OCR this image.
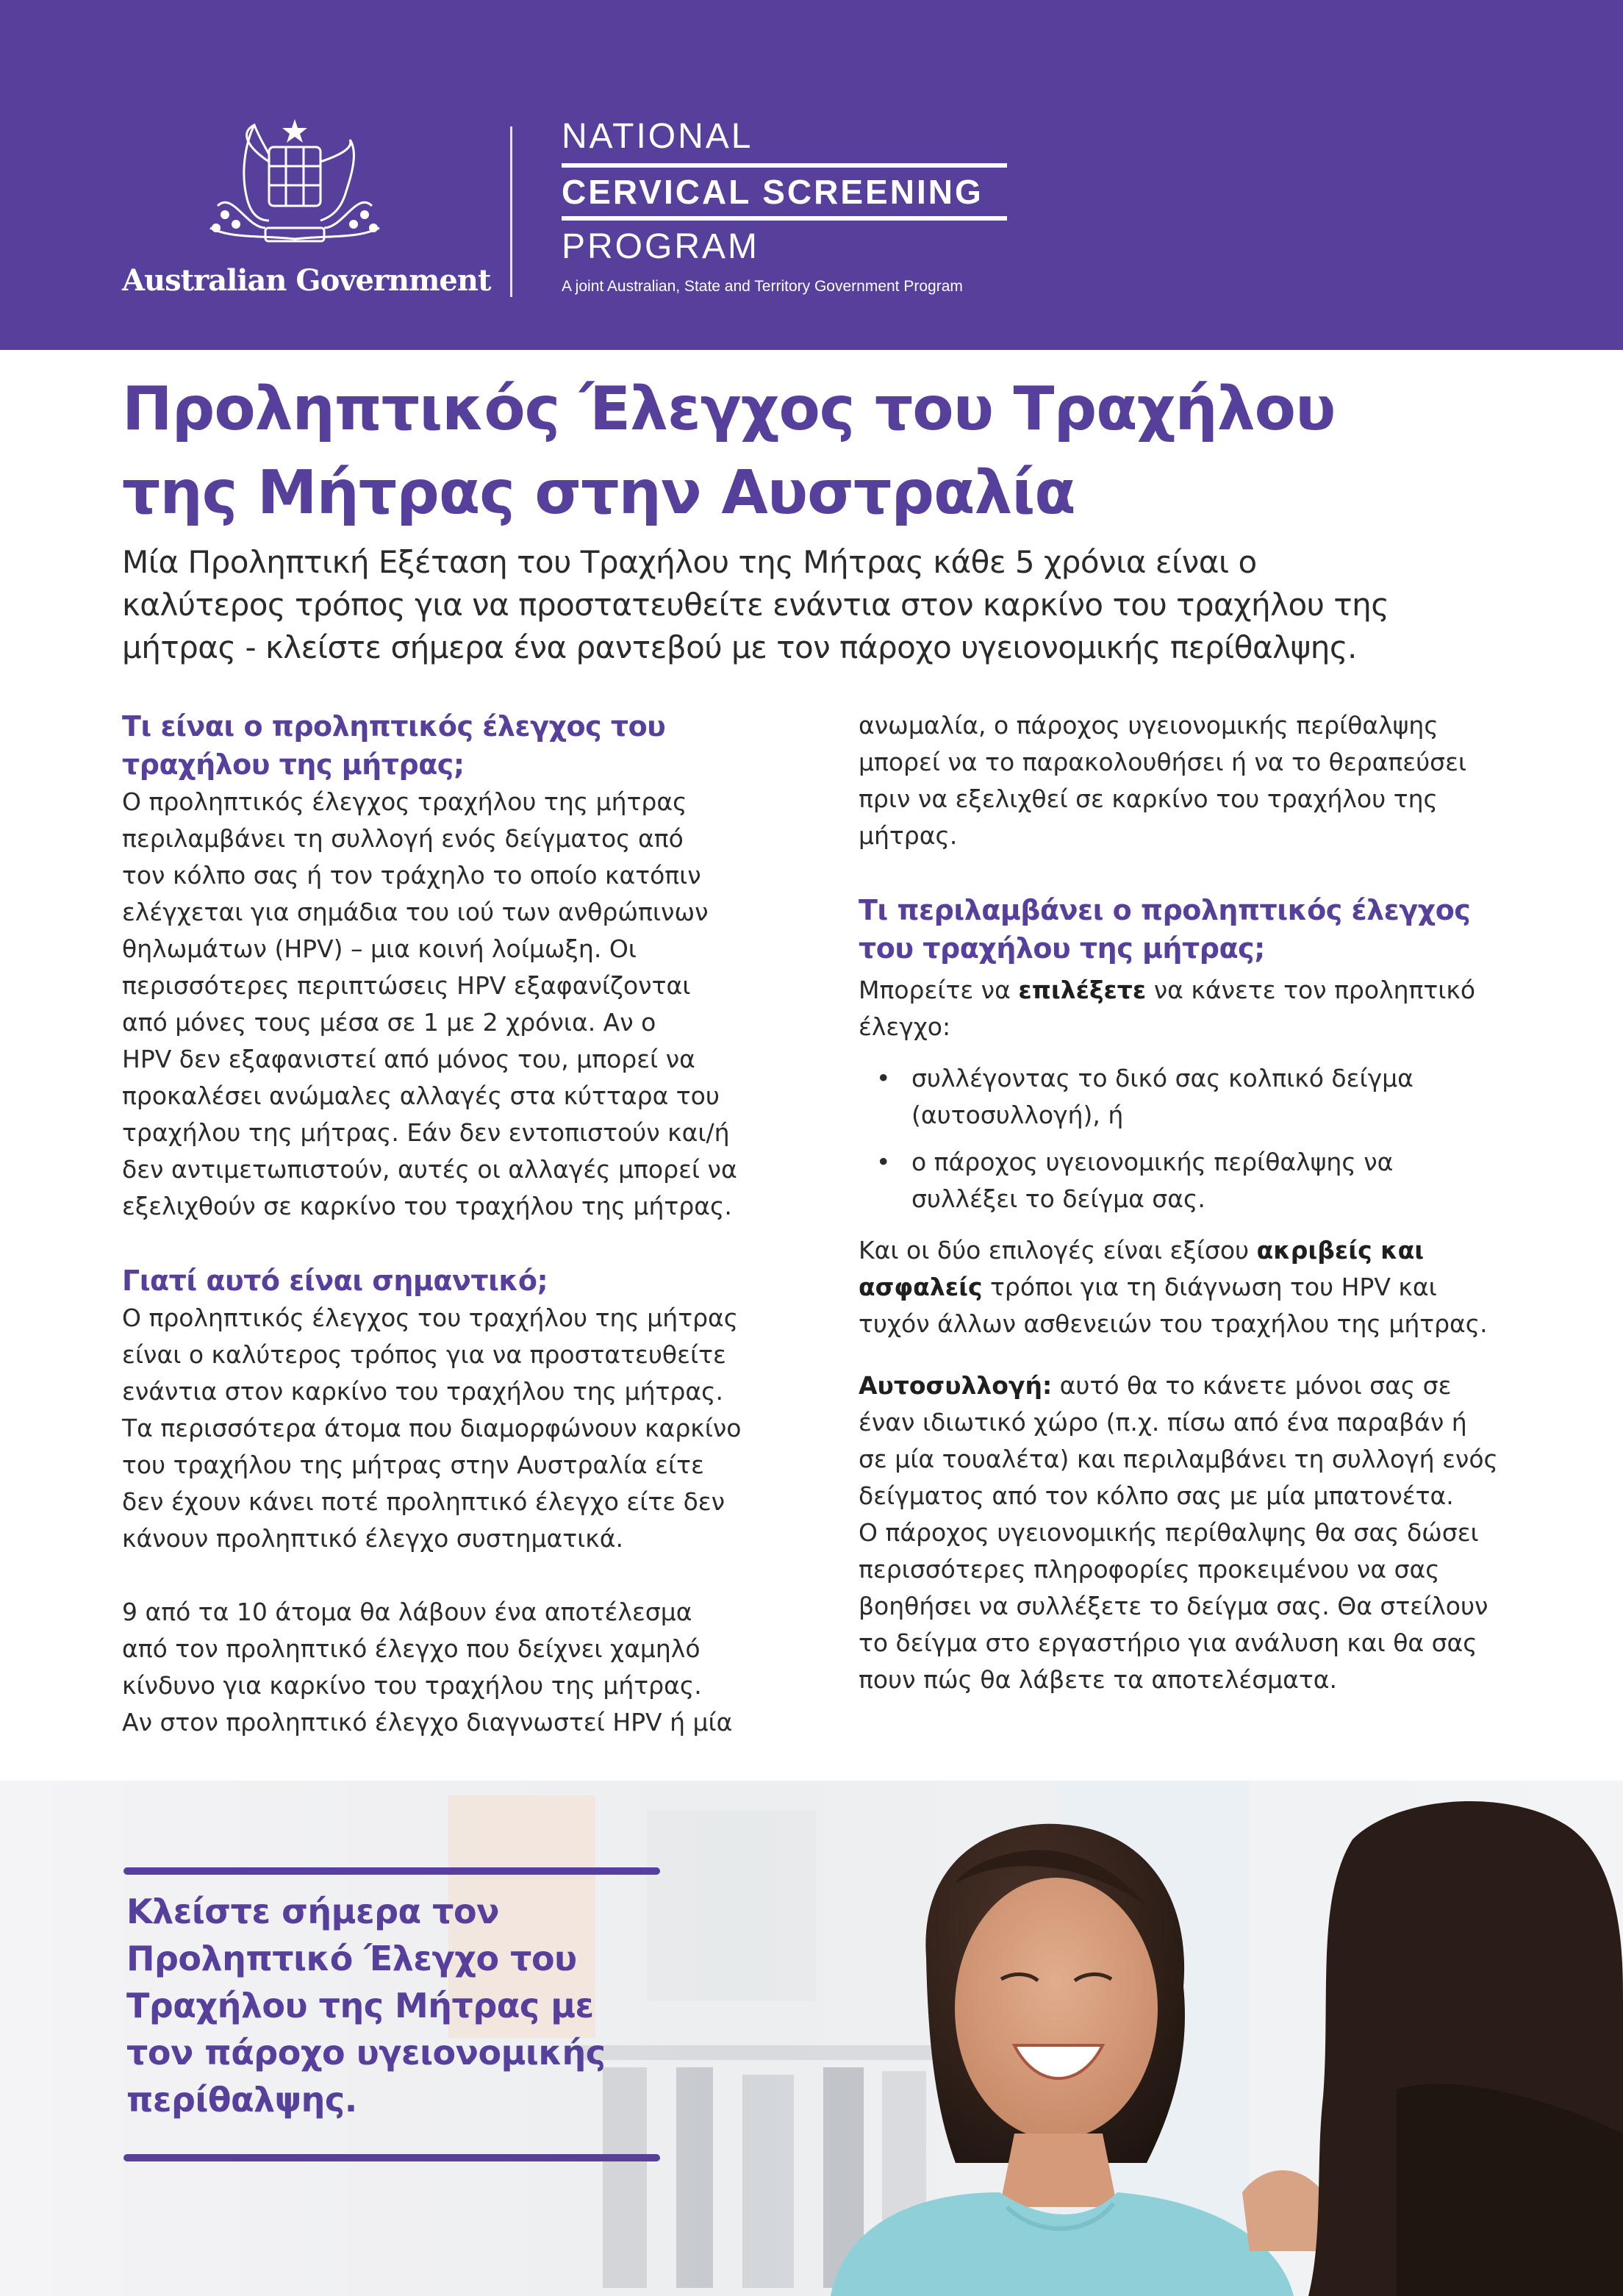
Australian Government
NATIONAL
CERVICAL SCREENING
PROGRAM
A joint Australian, State and Territory Government Program
Προληπτικός Έλεγχος του Τραχήλου
της Μήτρας στην Αυστραλία
Μία Προληπτική Εξέταση του Τραχήλου της Μήτρας κάθε 5 χρόνια είναι ο
καλύτερος τρόπος για να προστατευθείτε ενάντια στον καρκίνο του τραχήλου της
μήτρας - κλείστε σήμερα ένα ραντεβού με τον πάροχο υγειονομικής περίθαλψης.
Τι είναι ο προληπτικός έλεγχος του
τραχήλου της μήτρας;

Ο προληπτικός έλεγχος τραχήλου της μήτρας
περιλαμβάνει τη συλλογή ενός δείγματος από
τον κόλπο σας ή τον τράχηλο το οποίο κατόπιν
ελέγχεται για σημάδια του ιού των ανθρώπινων
θηλωμάτων (HPV) – μια κοινή λοίμωξη. Οι
περισσότερες περιπτώσεις HPV εξαφανίζονται
από μόνες τους μέσα σε 1 με 2 χρόνια. Αν ο
HPV δεν εξαφανιστεί από μόνος του, μπορεί να
προκαλέσει ανώμαλες αλλαγές στα κύτταρα του
τραχήλου της μήτρας. Εάν δεν εντοπιστούν και/ή
δεν αντιμετωπιστούν, αυτές οι αλλαγές μπορεί να
εξελιχθούν σε καρκίνο του τραχήλου της μήτρας.

Γιατί αυτό είναι σημαντικό;

Ο προληπτικός έλεγχος του τραχήλου της μήτρας
είναι ο καλύτερος τρόπος για να προστατευθείτε
ενάντια στον καρκίνο του τραχήλου της μήτρας.
Τα περισσότερα άτομα που διαμορφώνουν καρκίνο
του τραχήλου της μήτρας στην Αυστραλία είτε
δεν έχουν κάνει ποτέ προληπτικό έλεγχο είτε δεν
κάνουν προληπτικό έλεγχο συστηματικά.

9 από τα 10 άτομα θα λάβουν ένα αποτέλεσμα
από τον προληπτικό έλεγχο που δείχνει χαμηλό
κίνδυνο για καρκίνο του τραχήλου της μήτρας.
Αν στον προληπτικό έλεγχο διαγνωστεί HPV ή μία

ανωμαλία, ο πάροχος υγειονομικής περίθαλψης
μπορεί να το παρακολουθήσει ή να το θεραπεύσει
πριν να εξελιχθεί σε καρκίνο του τραχήλου της
μήτρας.

Τι περιλαμβάνει ο προληπτικός έλεγχος
του τραχήλου της μήτρας;

Μπορείτε να επιλέξετε να κάνετε τον προληπτικό
έλεγχο:

• συλλέγοντας το δικό σας κολπικό δείγμα
(αυτοσυλλογή), ή
• ο πάροχος υγειονομικής περίθαλψης να
συλλέξει το δείγμα σας.

Και οι δύο επιλογές είναι εξίσου ακριβείς και
ασφαλείς τρόποι για τη διάγνωση του HPV και
τυχόν άλλων ασθενειών του τραχήλου της μήτρας.

Αυτοσυλλογή: αυτό θα το κάνετε μόνοι σας σε
έναν ιδιωτικό χώρο (π.χ. πίσω από ένα παραβάν ή
σε μία τουαλέτα) και περιλαμβάνει τη συλλογή ενός
δείγματος από τον κόλπο σας με μία μπατονέτα.
Ο πάροχος υγειονομικής περίθαλψης θα σας δώσει
περισσότερες πληροφορίες προκειμένου να σας
βοηθήσει να συλλέξετε το δείγμα σας. Θα στείλουν
το δείγμα στο εργαστήριο για ανάλυση και θα σας
πουν πώς θα λάβετε τα αποτελέσματα.

Κλείστε σήμερα τον
Προληπτικό Έλεγχο του
Τραχήλου της Μήτρας με
τον πάροχο υγειονομικής
περίθαλψης.
